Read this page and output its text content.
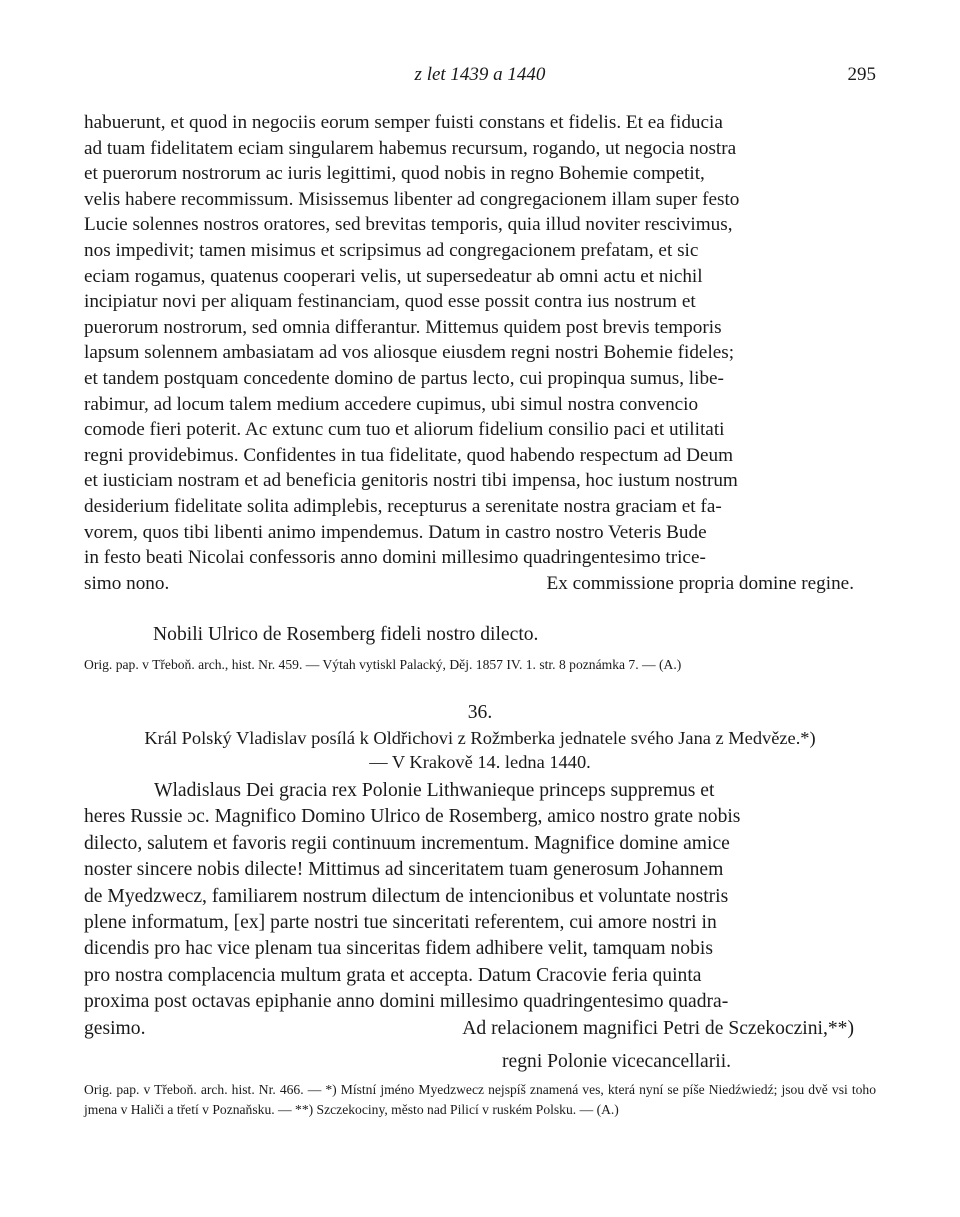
z let 1439 a 1440	295
habuerunt, et quod in negociis eorum semper fuisti constans et fidelis. Et ea fiducia
ad tuam fidelitatem eciam singularem habemus recursum, rogando, ut negocia nostra
et puerorum nostrorum ac iuris legittimi, quod nobis in regno Bohemie competit,
velis habere recommissum. Misissemus libenter ad congregacionem illam super festo
Lucie solennes nostros oratores, sed brevitas temporis, quia illud noviter rescivimus,
nos impedivit; tamen misimus et scripsimus ad congregacionem prefatam, et sic
eciam rogamus, quatenus cooperari velis, ut supersedeatur ab omni actu et nichil
incipiatur novi per aliquam festinanciam, quod esse possit contra ius nostrum et
puerorum nostrorum, sed omnia differantur. Mittemus quidem post brevis temporis
lapsum solennem ambasiatam ad vos aliosque eiusdem regni nostri Bohemie fideles;
et tandem postquam concedente domino de partus lecto, cui propinqua sumus, libe-
rabimur, ad locum talem medium accedere cupimus, ubi simul nostra convencio
comode fieri poterit. Ac extunc cum tuo et aliorum fidelium consilio paci et utilitati
regni providebimus. Confidentes in tua fidelitate, quod habendo respectum ad Deum
et iusticiam nostram et ad beneficia genitoris nostri tibi impensa, hoc iustum nostrum
desiderium fidelitate solita adimplebis, recepturus a serenitate nostra graciam et fa-
vorem, quos tibi libenti animo impendemus. Datum in castro nostro Veteris Bude
in festo beati Nicolai confessoris anno domini millesimo quadringentesimo trice-
simo nono.	Ex commissione propria domine regine.
Nobili Ulrico de Rosemberg fideli nostro dilecto.
Orig. pap. v Třeboň. arch., hist. Nr. 459. — Výtah vytiskl Palacký, Děj. 1857 IV. 1. str. 8 poznámka 7. — (A.)
36.
Král Polský Vladislav posílá k Oldřichovi z Rožmberka jednatele svého Jana z Medvěze.*)
— V Krakově 14. ledna 1440.
Wladislaus Dei gracia rex Polonie Lithwanieque princeps suppremus et
heres Russie ɔc. Magnifico Domino Ulrico de Rosemberg, amico nostro grate nobis
dilecto, salutem et favoris regii continuum incrementum. Magnifice domine amice
noster sincere nobis dilecte! Mittimus ad sinceritatem tuam generosum Johannem
de Myedzwecz, familiarem nostrum dilectum de intencionibus et voluntate nostris
plene informatum, [ex] parte nostri tue sinceritati referentem, cui amore nostri in
dicendis pro hac vice plenam tua sinceritas fidem adhibere velit, tamquam nobis
pro nostra complacencia multum grata et accepta. Datum Cracovie feria quinta
proxima post octavas epiphanie anno domini millesimo quadringentesimo quadra-
gesimo.	Ad relacionem magnifici Petri de Sczekoczini,**)
regni Polonie vicecancellarii.
Orig. pap. v Třeboň. arch. hist. Nr. 466. — *) Místní jméno Myedzwecz nejspíš znamená ves, která nyní se píše Niedźwiedź; jsou dvě vsi toho jmena v Haliči a třetí v Poznaňsku. — **) Szczekociny, město nad Pilicí v ruském Polsku. — (A.)
